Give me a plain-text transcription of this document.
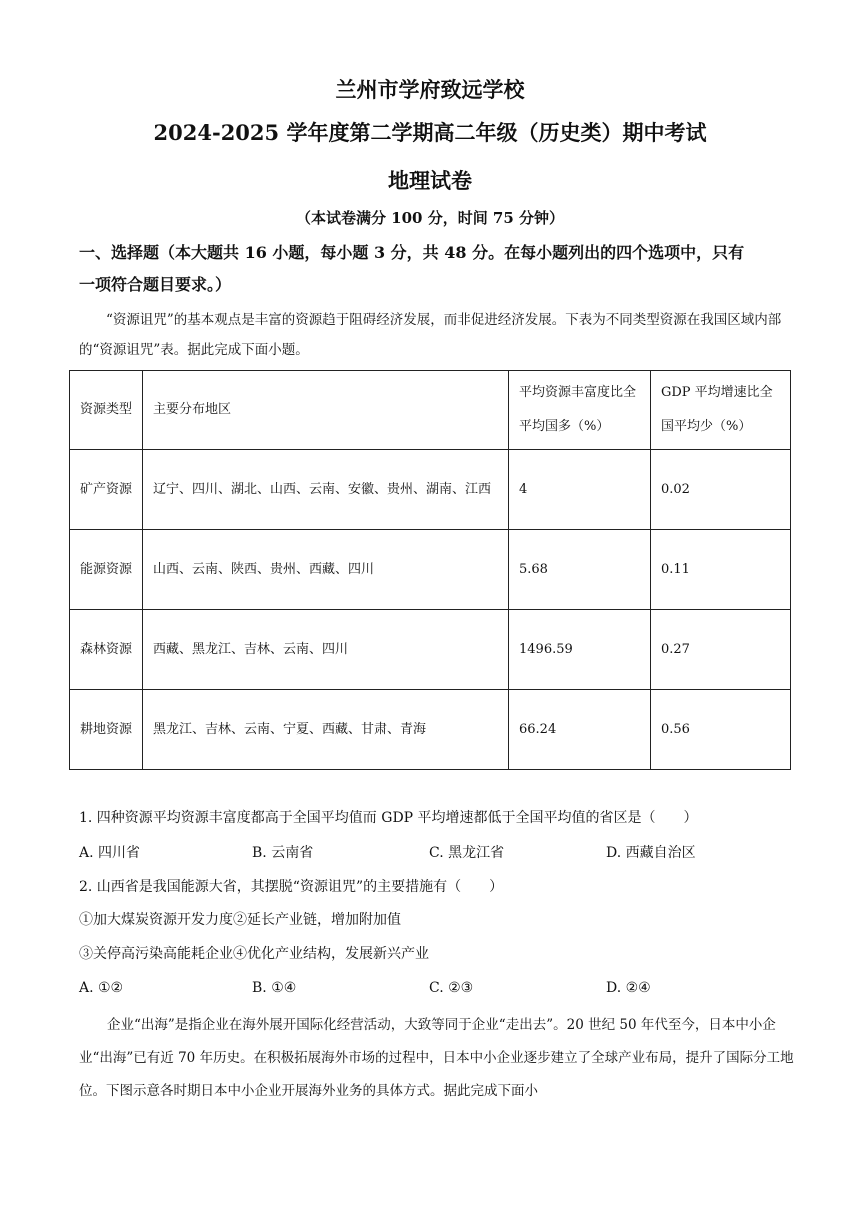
兰州市学府致远学校
2024-2025 学年度第二学期高二年级（历史类）期中考试
地理试卷
（本试卷满分 100 分，时间 75 分钟）
一、选择题（本大题共 16 小题，每小题 3 分，共 48 分。在每小题列出的四个选项中，只有
一项符合题目要求。）
“资源诅咒”的基本观点是丰富的资源趋于阻碍经济发展，而非促进经济发展。下表为不同类型资源在我国区域内部的“资源诅咒”表。据此完成下面小题。
资源类型	主要分布地区	平均资源丰富度比全平均国多（%）	GDP 平均增速比全国平均少（%）
矿产资源	辽宁、四川、湖北、山西、云南、安徽、贵州、湖南、江西	4	0.02
能源资源	山西、云南、陕西、贵州、西藏、四川	5.68	0.11
森林资源	西藏、黑龙江、吉林、云南、四川	1496.59	0.27
耕地资源	黑龙江、吉林、云南、宁夏、西藏、甘肃、青海	66.24	0.56
1. 四种资源平均资源丰富度都高于全国平均值而 GDP 平均增速都低于全国平均值的省区是（　　）
A. 四川省	B. 云南省	C. 黑龙江省	D. 西藏自治区
2. 山西省是我国能源大省，其摆脱“资源诅咒”的主要措施有（　　）
①加大煤炭资源开发力度②延长产业链，增加附加值
③关停高污染高能耗企业④优化产业结构，发展新兴产业
A. ①②	B. ①④	C. ②③	D. ②④
企业“出海”是指企业在海外展开国际化经营活动，大致等同于企业“走出去”。20 世纪 50 年代至今，日本中小企业“出海”已有近 70 年历史。在积极拓展海外市场的过程中，日本中小企业逐步建立了全球产业布局，提升了国际分工地位。下图示意各时期日本中小企业开展海外业务的具体方式。据此完成下面小
